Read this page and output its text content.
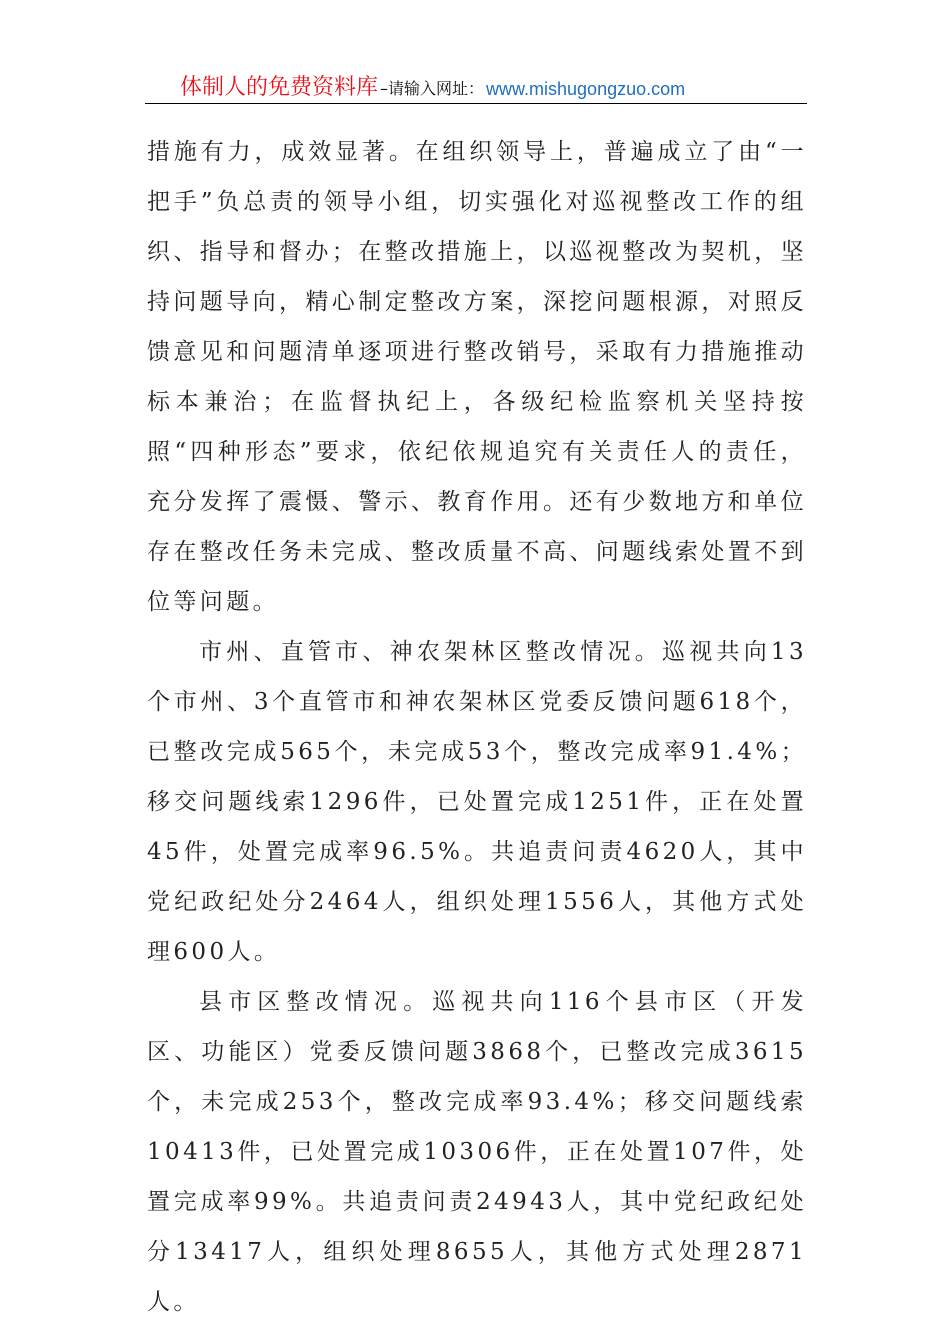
体制人的免费资料库 –请输入网址： www.mishugongzuo.com

措施有力，成效显著。在组织领导上，普遍成立了由“一把手”负总责的领导小组，切实强化对巡视整改工作的组织、指导和督办；在整改措施上，以巡视整改为契机，坚持问题导向，精心制定整改方案，深挖问题根源，对照反馈意见和问题清单逐项进行整改销号，采取有力措施推动标本兼治；在监督执纪上，各级纪检监察机关坚持按照“四种形态”要求，依纪依规追究有关责任人的责任，充分发挥了震慑、警示、教育作用。还有少数地方和单位存在整改任务未完成、整改质量不高、问题线索处置不到位等问题。

市州、直管市、神农架林区整改情况。巡视共向13个市州、3个直管市和神农架林区党委反馈问题618个，已整改完成565个，未完成53个，整改完成率91.4%；移交问题线索1296件，已处置完成1251件，正在处置45件，处置完成率96.5%。共追责问责4620人，其中党纪政纪处分2464人，组织处理1556人，其他方式处理600人。

县市区整改情况。巡视共向116个县市区（开发区、功能区）党委反馈问题3868个，已整改完成3615个，未完成253个，整改完成率93.4%；移交问题线索10413件，已处置完成10306件，正在处置107件，处置完成率99%。共追责问责24943人，其中党纪政纪处分13417人，组织处理8655人，其他方式处理2871人。
